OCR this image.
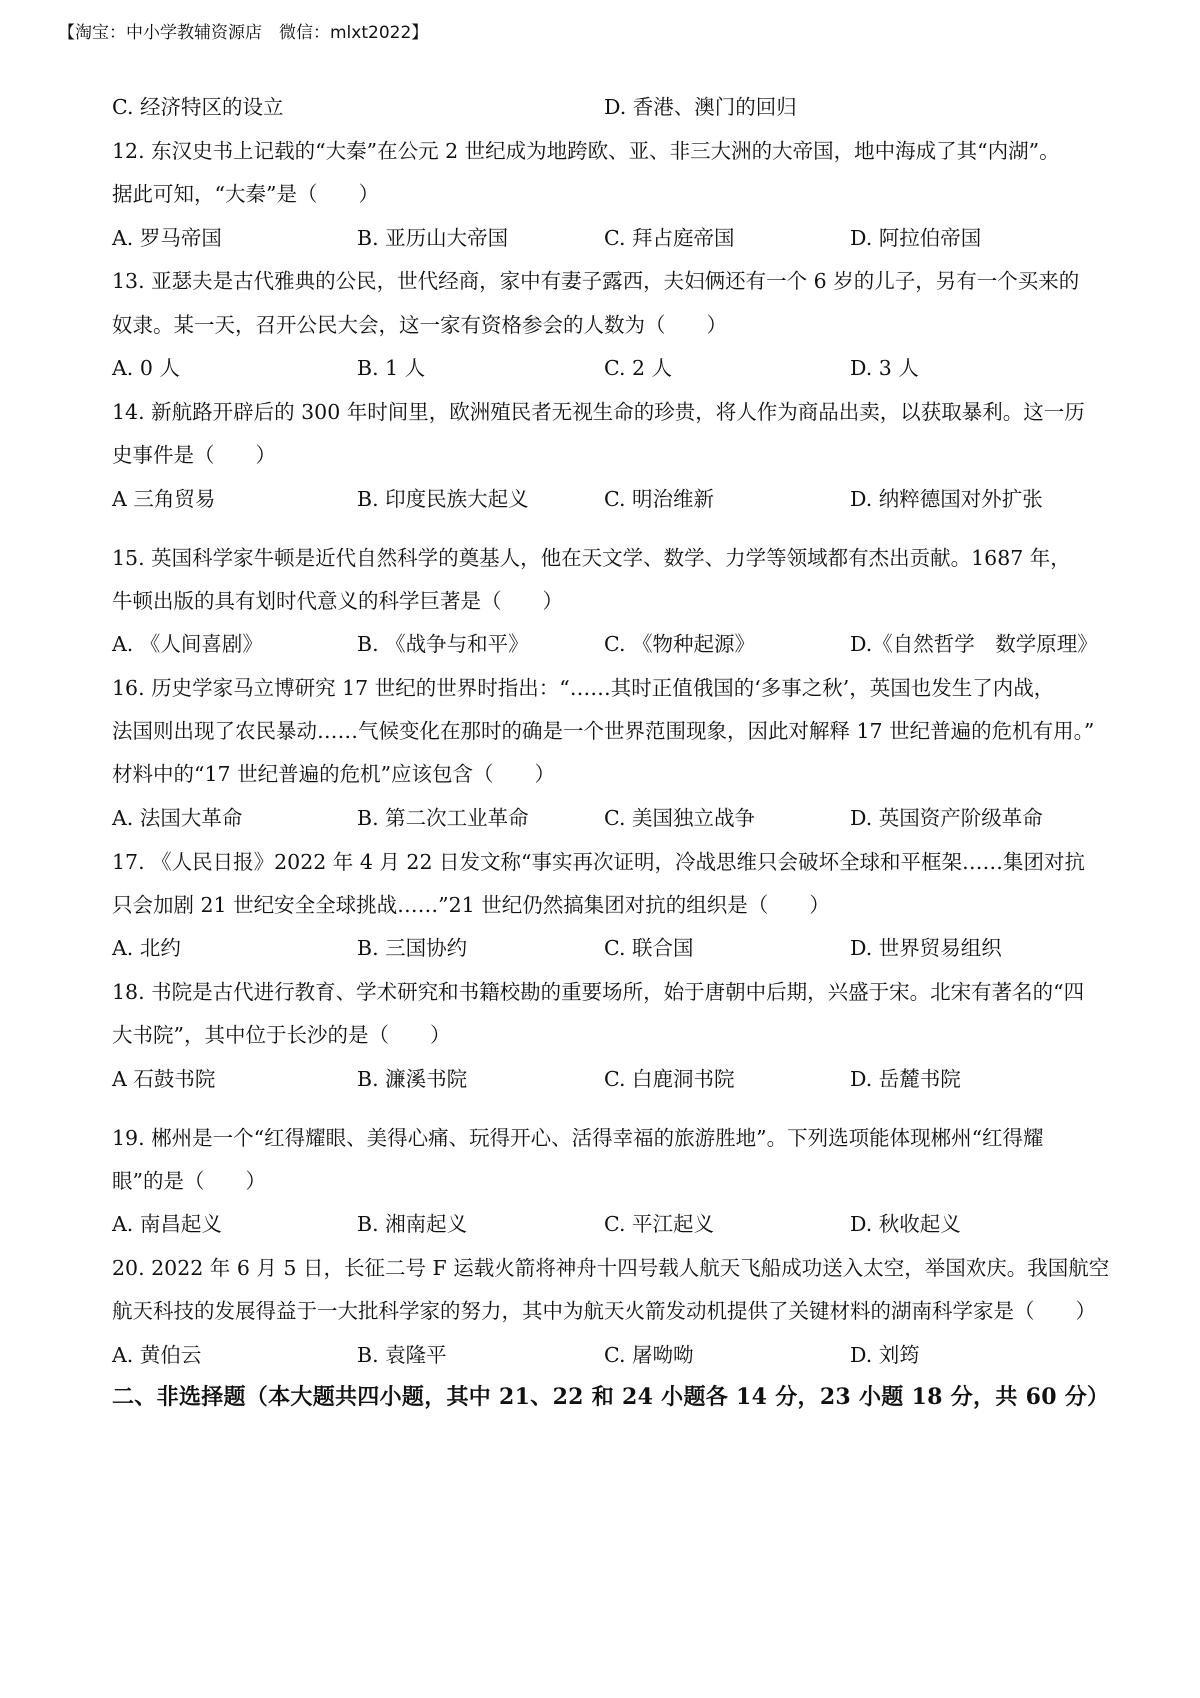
【淘宝：中小学教辅资源店　微信：mlxt2022】
C. 经济特区的设立	D. 香港、澳门的回归
12. 东汉史书上记载的“大秦”在公元 2 世纪成为地跨欧、亚、非三大洲的大帝国，地中海成了其“内湖”。
据此可知，“大秦”是（　　）
A. 罗马帝国	B. 亚历山大帝国	C. 拜占庭帝国	D. 阿拉伯帝国
13. 亚瑟夫是古代雅典的公民，世代经商，家中有妻子露西，夫妇俩还有一个 6 岁的儿子，另有一个买来的
奴隶。某一天，召开公民大会，这一家有资格参会的人数为（　　）
A. 0 人	B. 1 人	C. 2 人	D. 3 人
14. 新航路开辟后的 300 年时间里，欧洲殖民者无视生命的珍贵，将人作为商品出卖，以获取暴利。这一历
史事件是（　　）
A 三角贸易	B. 印度民族大起义	C. 明治维新	D. 纳粹德国对外扩张
15. 英国科学家牛顿是近代自然科学的奠基人，他在天文学、数学、力学等领域都有杰出贡献。1687 年，
牛顿出版的具有划时代意义的科学巨著是（　　）
A. 《人间喜剧》	B. 《战争与和平》	C. 《物种起源》	D.《自然哲学　数学原理》
16. 历史学家马立博研究 17 世纪的世界时指出：“……其时正值俄国的‘多事之秋’，英国也发生了内战，
法国则出现了农民暴动……气候变化在那时的确是一个世界范围现象，因此对解释 17 世纪普遍的危机有用。”
材料中的“17 世纪普遍的危机”应该包含（　　）
A. 法国大革命	B. 第二次工业革命	C. 美国独立战争	D. 英国资产阶级革命
17. 《人民日报》2022 年 4 月 22 日发文称“事实再次证明，冷战思维只会破坏全球和平框架……集团对抗
只会加剧 21 世纪安全全球挑战……”21 世纪仍然搞集团对抗的组织是（　　）
A. 北约	B. 三国协约	C. 联合国	D. 世界贸易组织
18. 书院是古代进行教育、学术研究和书籍校勘的重要场所，始于唐朝中后期，兴盛于宋。北宋有著名的“四
大书院”，其中位于长沙的是（　　）
A 石鼓书院	B. 濂溪书院	C. 白鹿洞书院	D. 岳麓书院
19. 郴州是一个“红得耀眼、美得心痛、玩得开心、活得幸福的旅游胜地”。下列选项能体现郴州“红得耀
眼”的是（　　）
A. 南昌起义	B. 湘南起义	C. 平江起义	D. 秋收起义
20. 2022 年 6 月 5 日，长征二号 F 运载火箭将神舟十四号载人航天飞船成功送入太空，举国欢庆。我国航空
航天科技的发展得益于一大批科学家的努力，其中为航天火箭发动机提供了关键材料的湖南科学家是（　　）
A. 黄伯云	B. 袁隆平	C. 屠呦呦	D. 刘筠
二、非选择题（本大题共四小题，其中 21、22 和 24 小题各 14 分，23 小题 18 分，共 60 分）
